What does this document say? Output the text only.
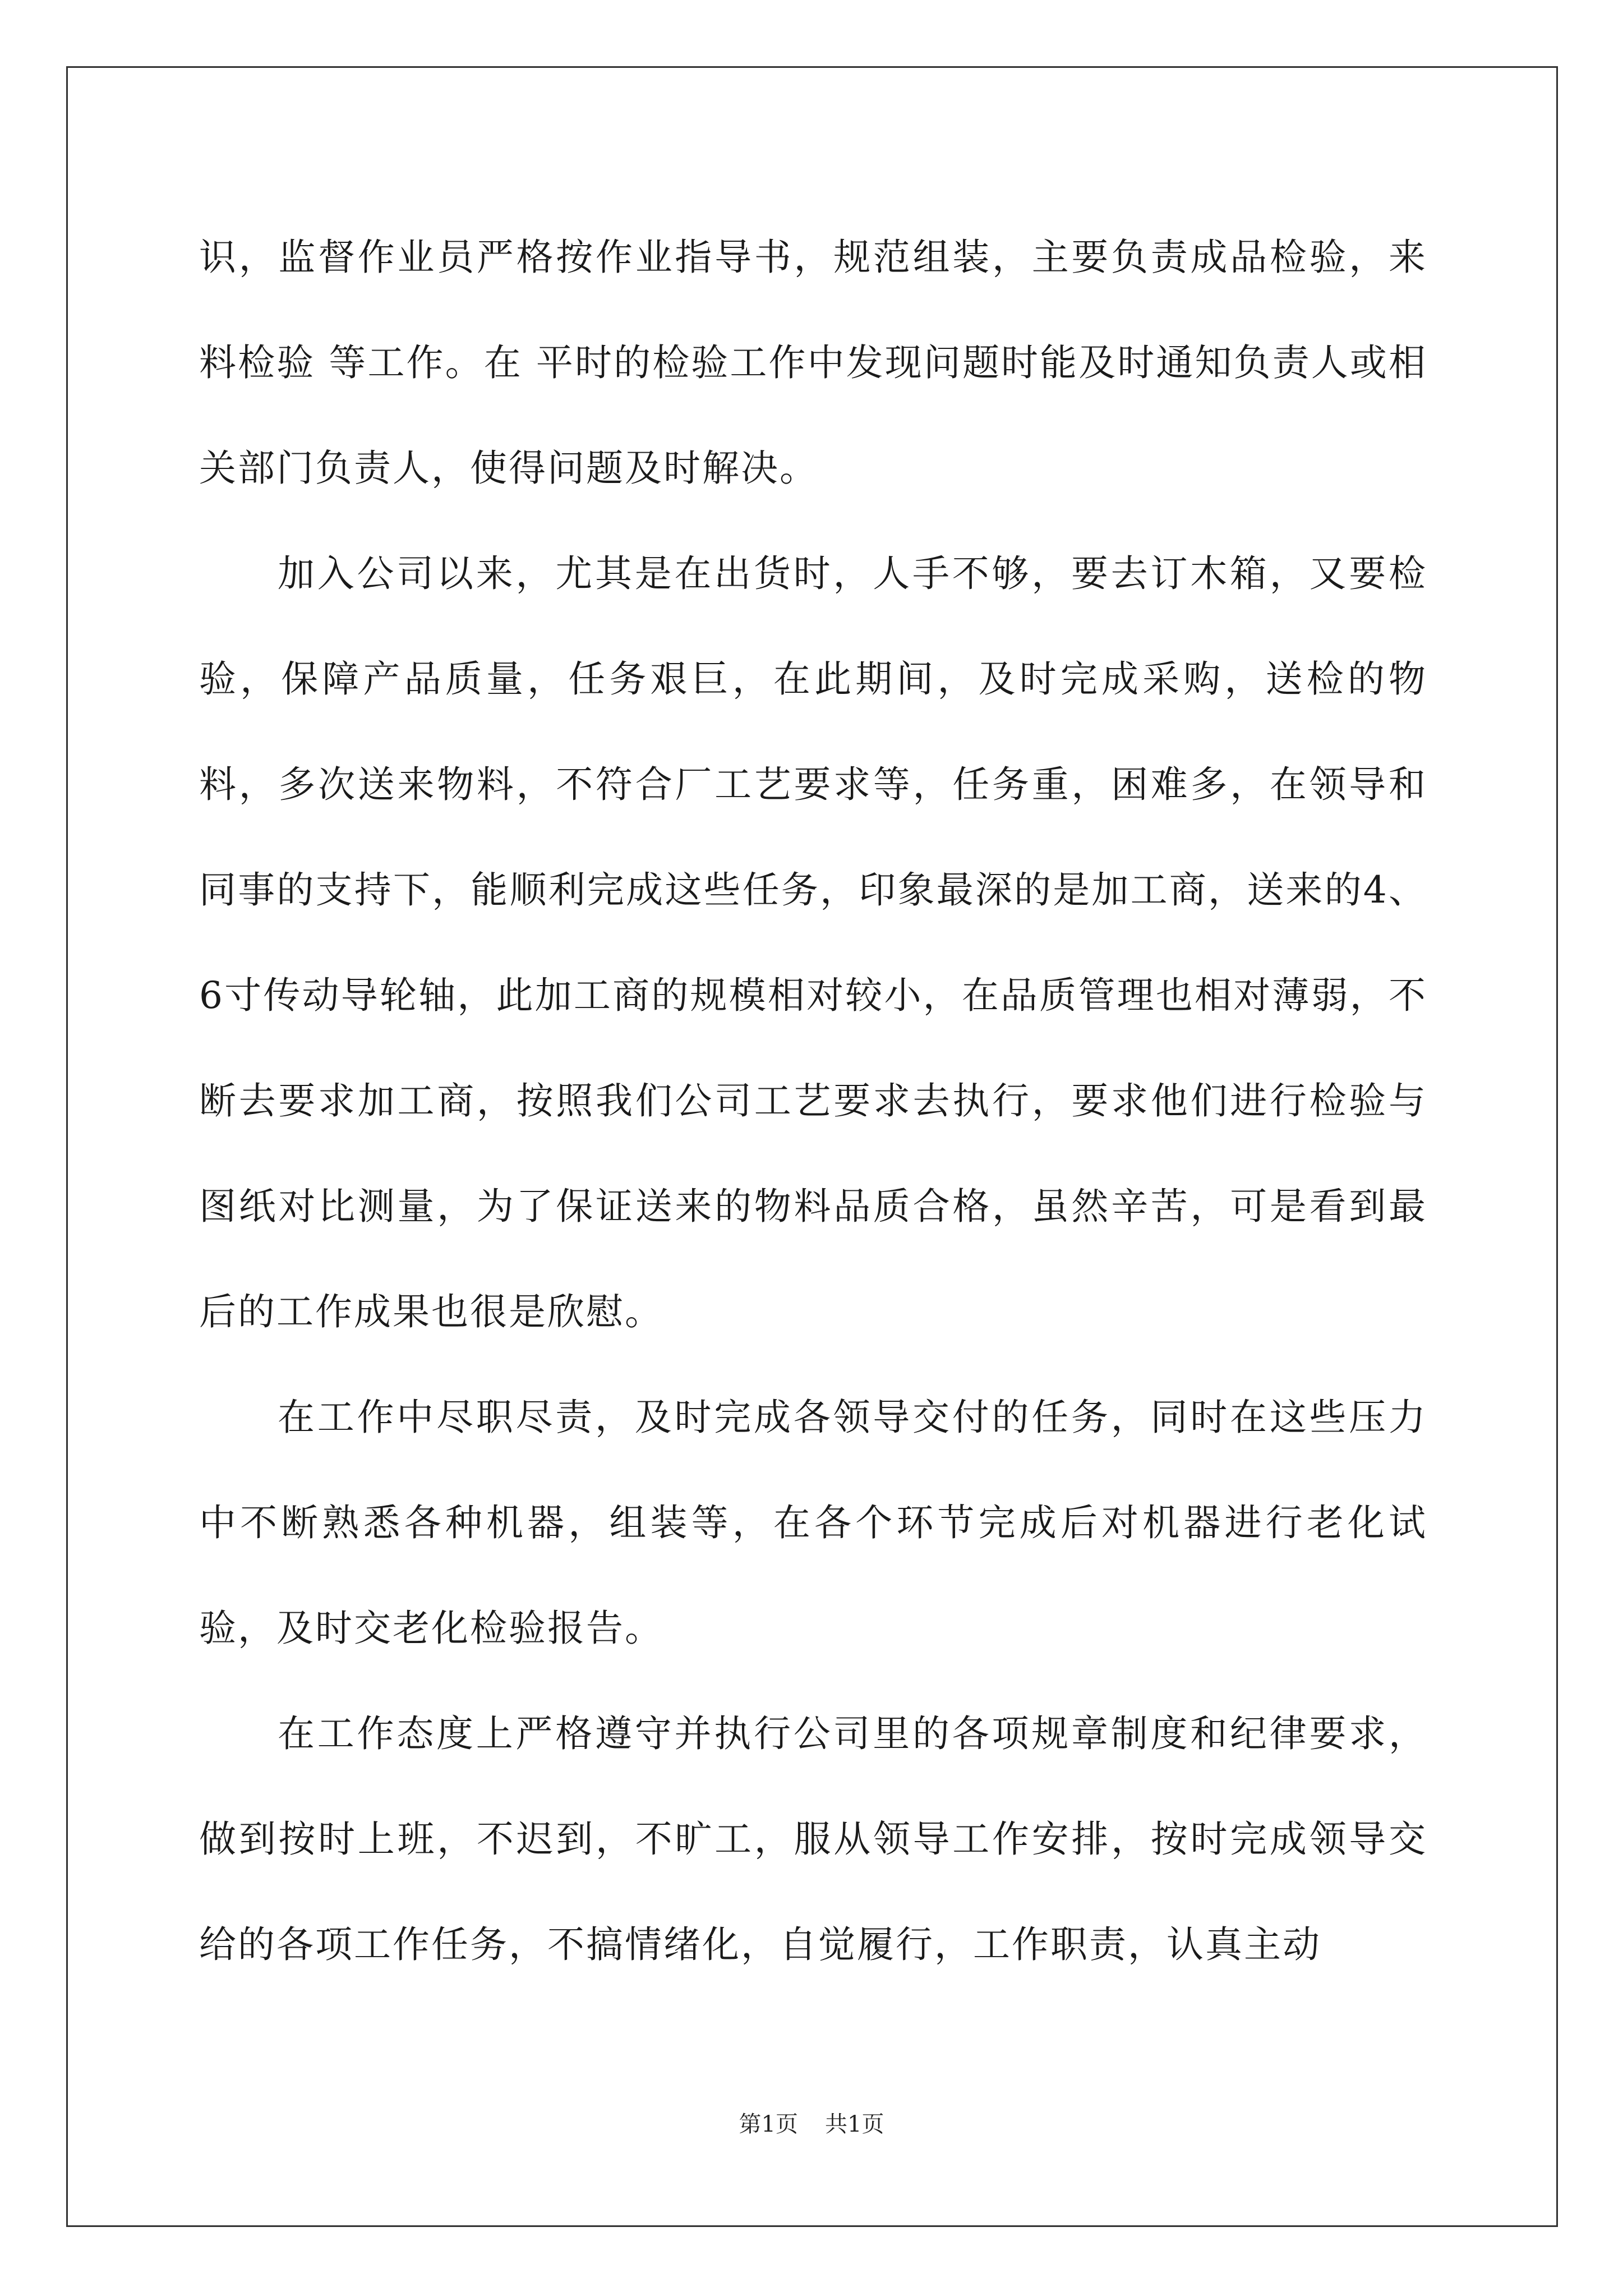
识，监督作业员严格按作业指导书，规范组装，主要负责成品检验，来料检验 等工作。在 平时的检验工作中发现问题时能及时通知负责人或相关部门负责人，使得问题及时解决。

加入公司以来，尤其是在出货时，人手不够，要去订木箱，又要检验，保障产品质量，任务艰巨，在此期间，及时完成采购，送检的物料，多次送来物料，不符合厂工艺要求等，任务重，困难多，在领导和同事的支持下，能顺利完成这些任务，印象最深的是加工商，送来的4、6寸传动导轮轴，此加工商的规模相对较小，在品质管理也相对薄弱，不断去要求加工商，按照我们公司工艺要求去执行，要求他们进行检验与图纸对比测量，为了保证送来的物料品质合格，虽然辛苦，可是看到最后的工作成果也很是欣慰。

在工作中尽职尽责，及时完成各领导交付的任务，同时在这些压力中不断熟悉各种机器，组装等，在各个环节完成后对机器进行老化试验，及时交老化检验报告。

在工作态度上严格遵守并执行公司里的各项规章制度和纪律要求，做到按时上班，不迟到，不旷工，服从领导工作安排，按时完成领导交给的各项工作任务，不搞情绪化，自觉履行，工作职责，认真主动

第1页 共1页
